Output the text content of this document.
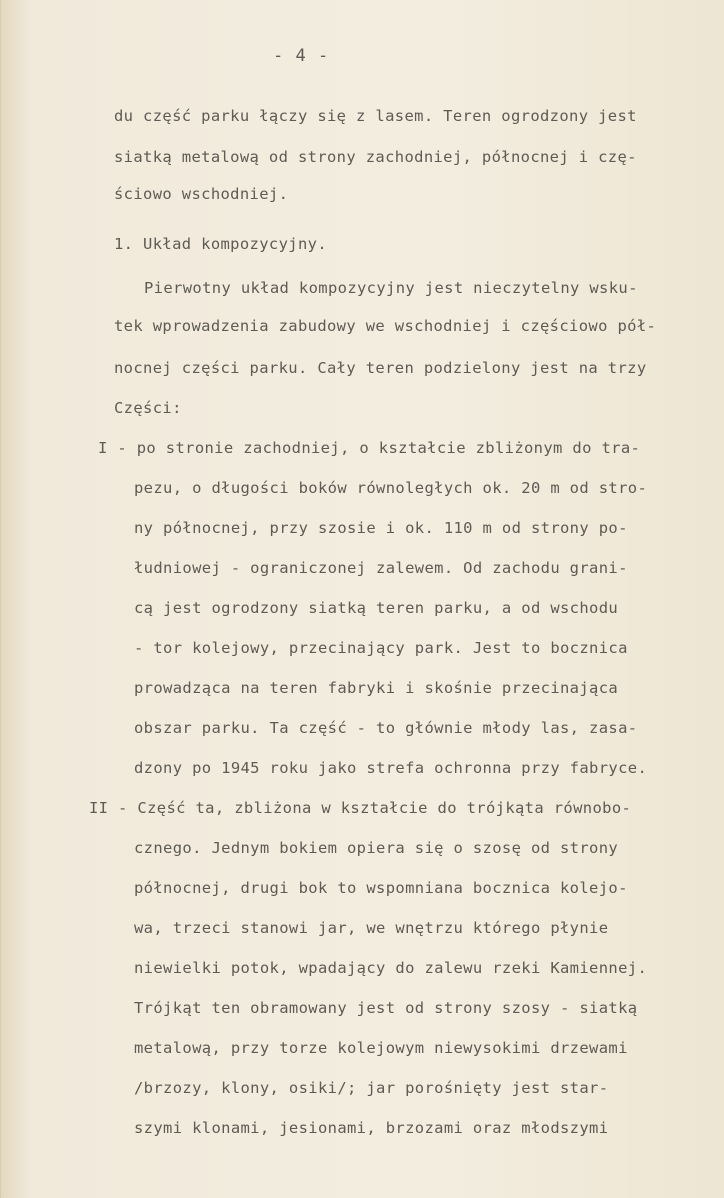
- 4 -
du część parku łączy się z lasem. Teren ogrodzony jest
siatką metalową od strony zachodniej, północnej i czę-
ściowo wschodniej.
1. Układ kompozycyjny.
Pierwotny układ kompozycyjny jest nieczytelny wsku-
tek wprowadzenia zabudowy we wschodniej i częściowo pół-
nocnej części parku. Cały teren podzielony jest na trzy
Części:
I - po stronie zachodniej, o kształcie zbliżonym do tra-
pezu, o długości boków równoległych ok. 20 m od stro-
ny północnej, przy szosie i ok. 110 m od strony po-
łudniowej - ograniczonej zalewem. Od zachodu grani-
cą jest ogrodzony siatką teren parku, a od wschodu
- tor kolejowy, przecinający park. Jest to bocznica
prowadząca na teren fabryki i skośnie przecinająca
obszar parku. Ta część - to głównie młody las, zasa-
dzony po 1945 roku jako strefa ochronna przy fabryce.
II - Część ta, zbliżona w kształcie do trójkąta równobo-
cznego. Jednym bokiem opiera się o szosę od strony
północnej, drugi bok to wspomniana bocznica kolejo-
wa, trzeci stanowi jar, we wnętrzu którego płynie
niewielki potok, wpadający do zalewu rzeki Kamiennej.
Trójkąt ten obramowany jest od strony szosy - siatką
metalową, przy torze kolejowym niewysokimi drzewami
/brzozy, klony, osiki/; jar porośnięty jest star-
szymi klonami, jesionami, brzozami oraz młodszymi
